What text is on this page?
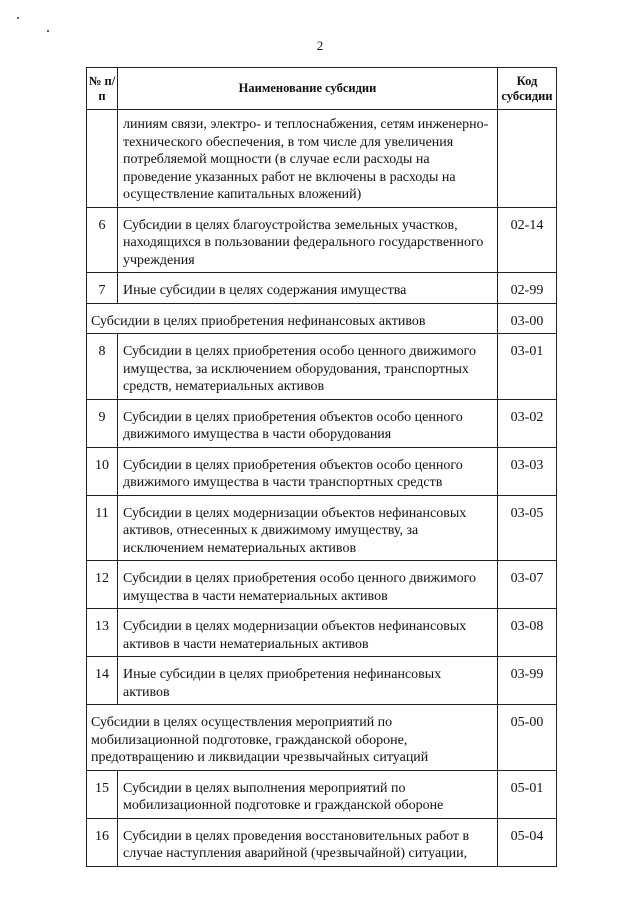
2
№ п/п	Наименование субсидии	Код субсидии
	линиям связи, электро- и теплоснабжения, сетям инженерно-технического обеспечения, в том числе для увеличения потребляемой мощности (в случае если расходы на проведение указанных работ не включены в расходы на осуществление капитальных вложений)	
6	Субсидии в целях благоустройства земельных участков, находящихся в пользовании федерального государственного учреждения	02-14
7	Иные субсидии в целях содержания имущества	02-99
Субсидии в целях приобретения нефинансовых активов		03-00
8	Субсидии в целях приобретения особо ценного движимого имущества, за исключением оборудования, транспортных средств, нематериальных активов	03-01
9	Субсидии в целях приобретения объектов особо ценного движимого имущества в части оборудования	03-02
10	Субсидии в целях приобретения объектов особо ценного движимого имущества в части транспортных средств	03-03
11	Субсидии в целях модернизации объектов нефинансовых активов, отнесенных к движимому имуществу, за исключением нематериальных активов	03-05
12	Субсидии в целях приобретения особо ценного движимого имущества в части нематериальных активов	03-07
13	Субсидии в целях модернизации объектов нефинансовых активов в части нематериальных активов	03-08
14	Иные субсидии в целях приобретения нефинансовых активов	03-99
Субсидии в целях осуществления мероприятий по мобилизационной подготовке, гражданской обороне, предотвращению и ликвидации чрезвычайных ситуаций		05-00
15	Субсидии в целях выполнения мероприятий по мобилизационной подготовке и гражданской обороне	05-01
16	Субсидии в целях проведения восстановительных работ в случае наступления аварийной (чрезвычайной) ситуации,	05-04
